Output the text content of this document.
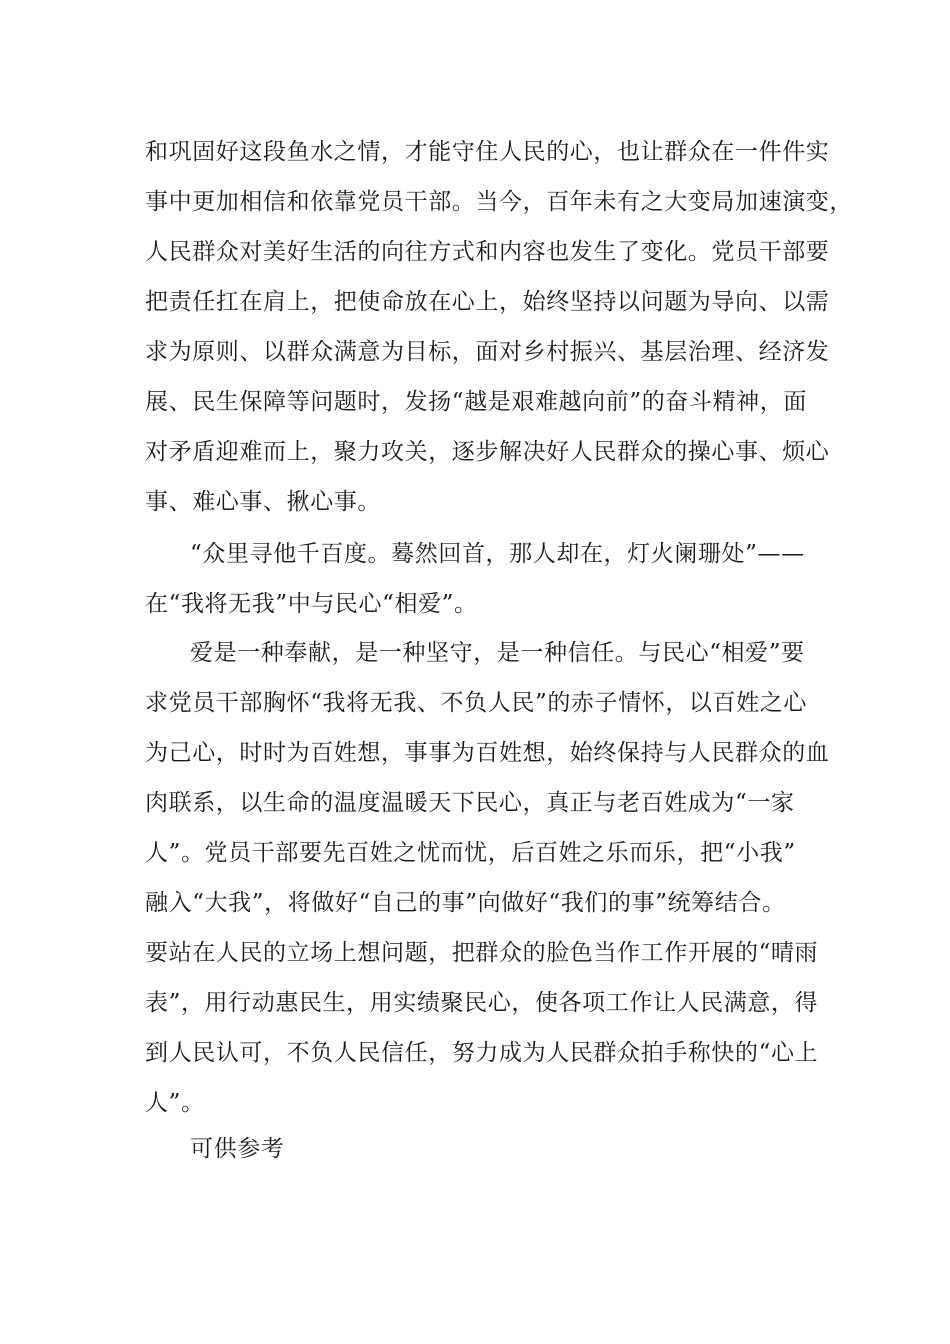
和巩固好这段鱼水之情，才能守住人民的心，也让群众在一件件实
事中更加相信和依靠党员干部。当今，百年未有之大变局加速演变，
人民群众对美好生活的向往方式和内容也发生了变化。党员干部要
把责任扛在肩上，把使命放在心上，始终坚持以问题为导向、以需
求为原则、以群众满意为目标，面对乡村振兴、基层治理、经济发
展、民生保障等问题时，发扬“越是艰难越向前”的奋斗精神，面
对矛盾迎难而上，聚力攻关，逐步解决好人民群众的操心事、烦心
事、难心事、揪心事。
“众里寻他千百度。蓦然回首，那人却在，灯火阑珊处”——
在“我将无我”中与民心“相爱”。
爱是一种奉献，是一种坚守，是一种信任。与民心“相爱”要
求党员干部胸怀“我将无我、不负人民”的赤子情怀，以百姓之心
为己心，时时为百姓想，事事为百姓想，始终保持与人民群众的血
肉联系，以生命的温度温暖天下民心，真正与老百姓成为“一家
人”。党员干部要先百姓之忧而忧，后百姓之乐而乐，把“小我”
融入“大我”，将做好“自己的事”向做好“我们的事”统筹结合。
要站在人民的立场上想问题，把群众的脸色当作工作开展的“晴雨
表”，用行动惠民生，用实绩聚民心，使各项工作让人民满意，得
到人民认可，不负人民信任，努力成为人民群众拍手称快的“心上
人”。
可供参考
